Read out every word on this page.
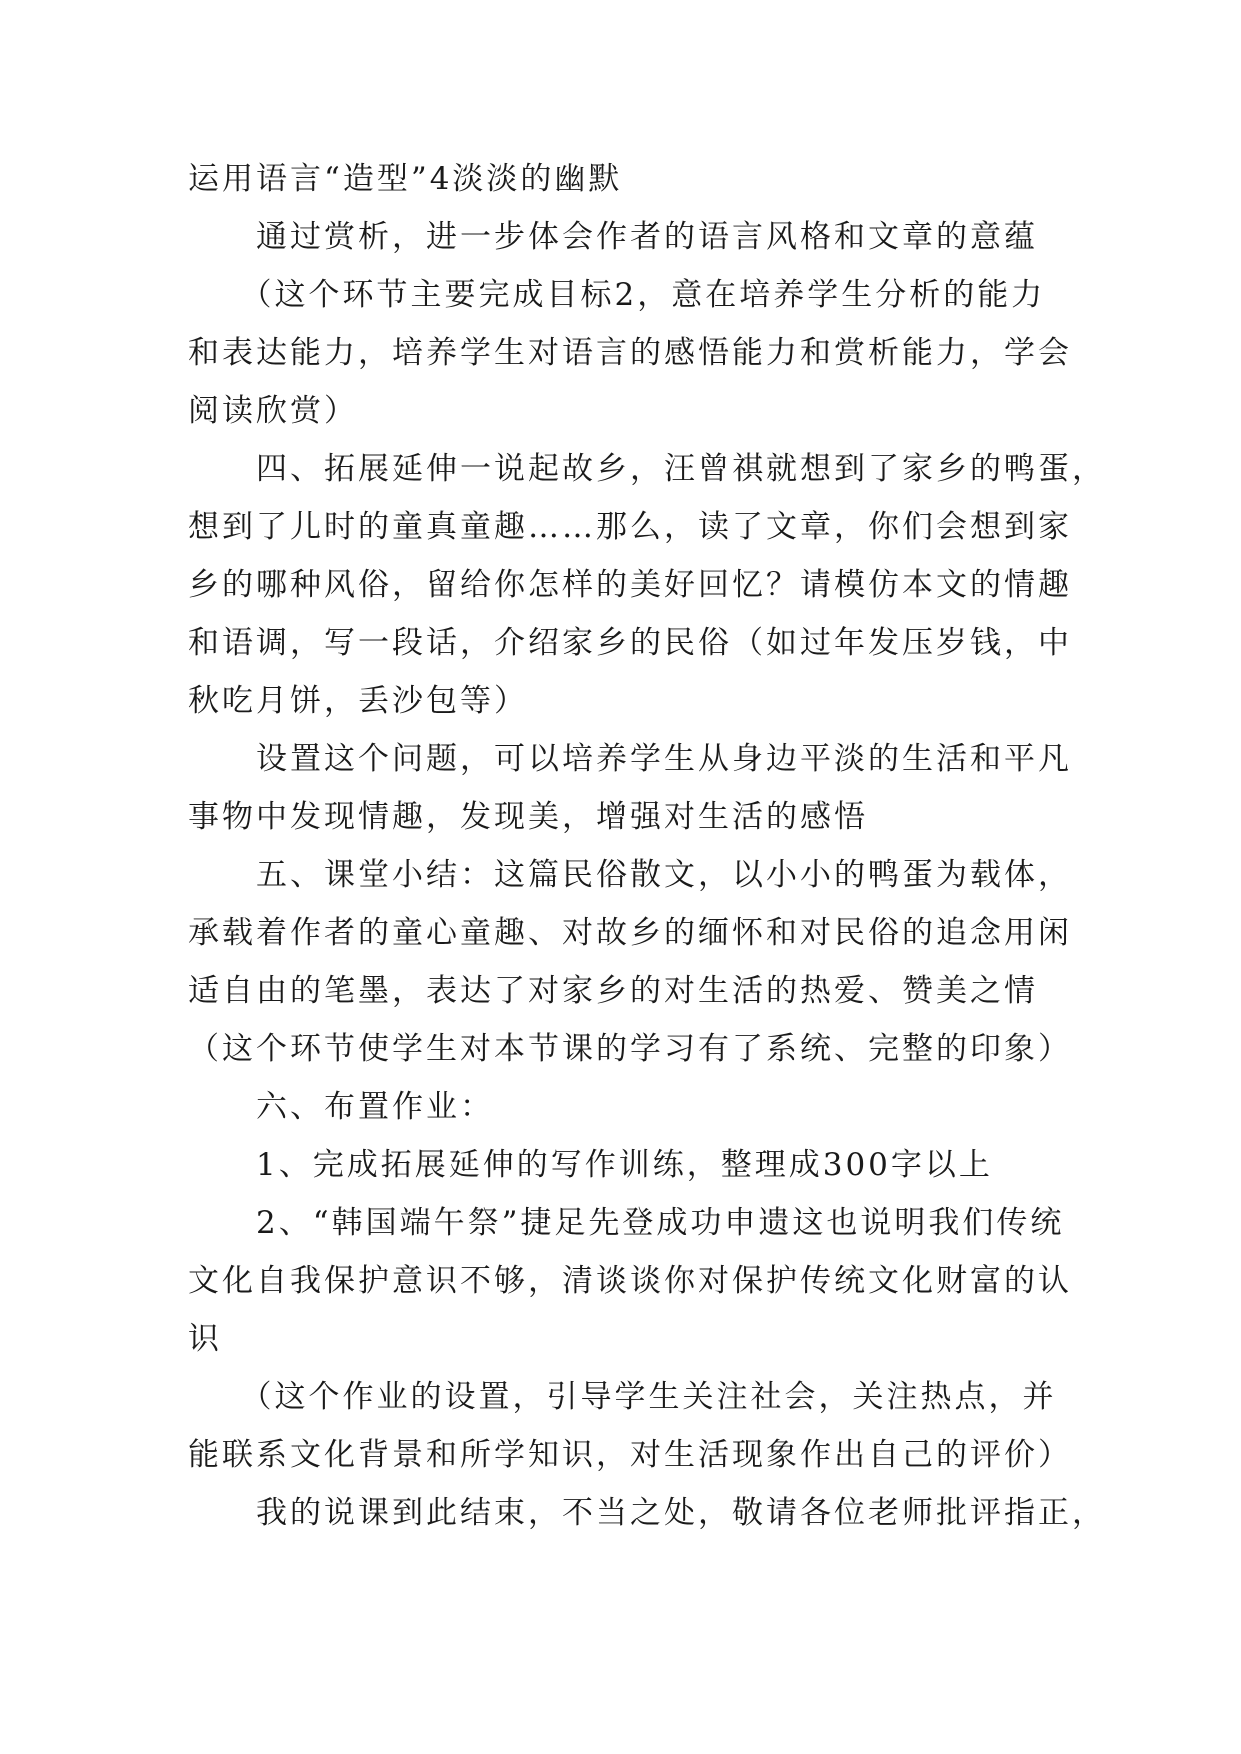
运用语言“造型”4淡淡的幽默

　　通过赏析，进一步体会作者的语言风格和文章的意蕴

　　（这个环节主要完成目标2，意在培养学生分析的能力

和表达能力，培养学生对语言的感悟能力和赏析能力，学会

阅读欣赏）

　　四、拓展延伸一说起故乡，汪曾祺就想到了家乡的鸭蛋，

想到了儿时的童真童趣……那么，读了文章，你们会想到家

乡的哪种风俗，留给你怎样的美好回忆？请模仿本文的情趣

和语调，写一段话，介绍家乡的民俗（如过年发压岁钱，中

秋吃月饼，丢沙包等）

　　设置这个问题，可以培养学生从身边平淡的生活和平凡

事物中发现情趣，发现美，增强对生活的感悟

　　五、课堂小结：这篇民俗散文，以小小的鸭蛋为载体，

承载着作者的童心童趣、对故乡的缅怀和对民俗的追念用闲

适自由的笔墨，表达了对家乡的对生活的热爱、赞美之情

（这个环节使学生对本节课的学习有了系统、完整的印象）

　　六、布置作业：

　　1、完成拓展延伸的写作训练，整理成300字以上

　　2、“韩国端午祭”捷足先登成功申遗这也说明我们传统

文化自我保护意识不够，清谈谈你对保护传统文化财富的认

识

　　（这个作业的设置，引导学生关注社会，关注热点，并

能联系文化背景和所学知识，对生活现象作出自己的评价）

　　我的说课到此结束，不当之处，敬请各位老师批评指正，
